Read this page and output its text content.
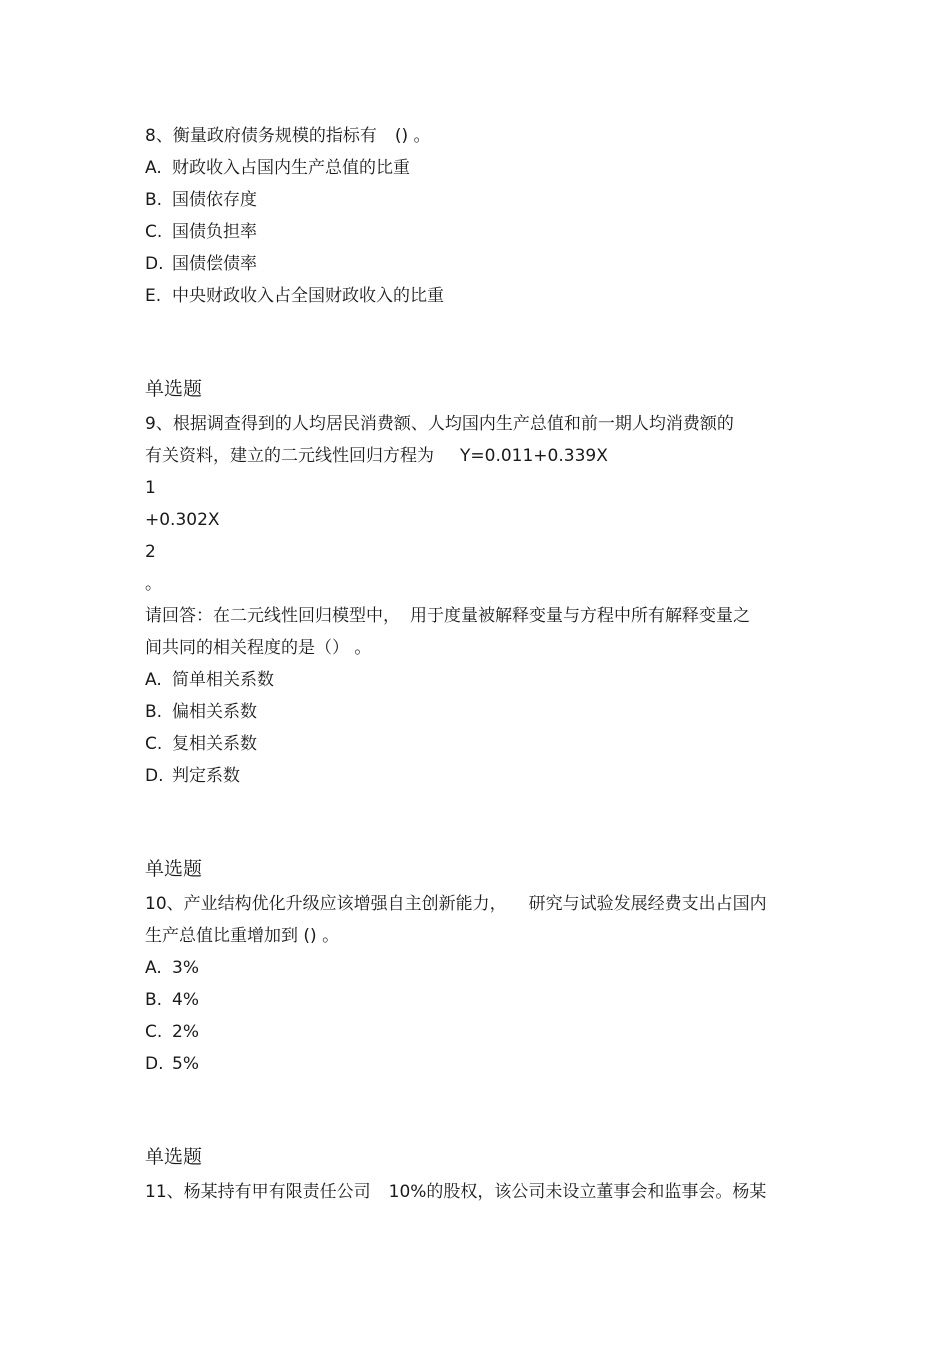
8、衡量政府债务规模的指标有 () 。
A. 财政收入占国内生产总值的比重
B. 国债依存度
C. 国债负担率
D. 国债偿债率
E. 中央财政收入占全国财政收入的比重
单选题
9、根据调查得到的人均居民消费额、人均国内生产总值和前一期人均消费额的
有关资料，建立的二元线性回归方程为 Y=0.011+0.339X
1
+0.302X
2
。
请回答：在二元线性回归模型中， 用于度量被解释变量与方程中所有解释变量之
间共同的相关程度的是（） 。
A. 简单相关系数
B. 偏相关系数
C. 复相关系数
D. 判定系数
单选题
10、产业结构优化升级应该增强自主创新能力， 研究与试验发展经费支出占国内
生产总值比重增加到 () 。
A. 3%
B. 4%
C. 2%
D. 5%
单选题
11、杨某持有甲有限责任公司 10%的股权，该公司未设立董事会和监事会。杨某
